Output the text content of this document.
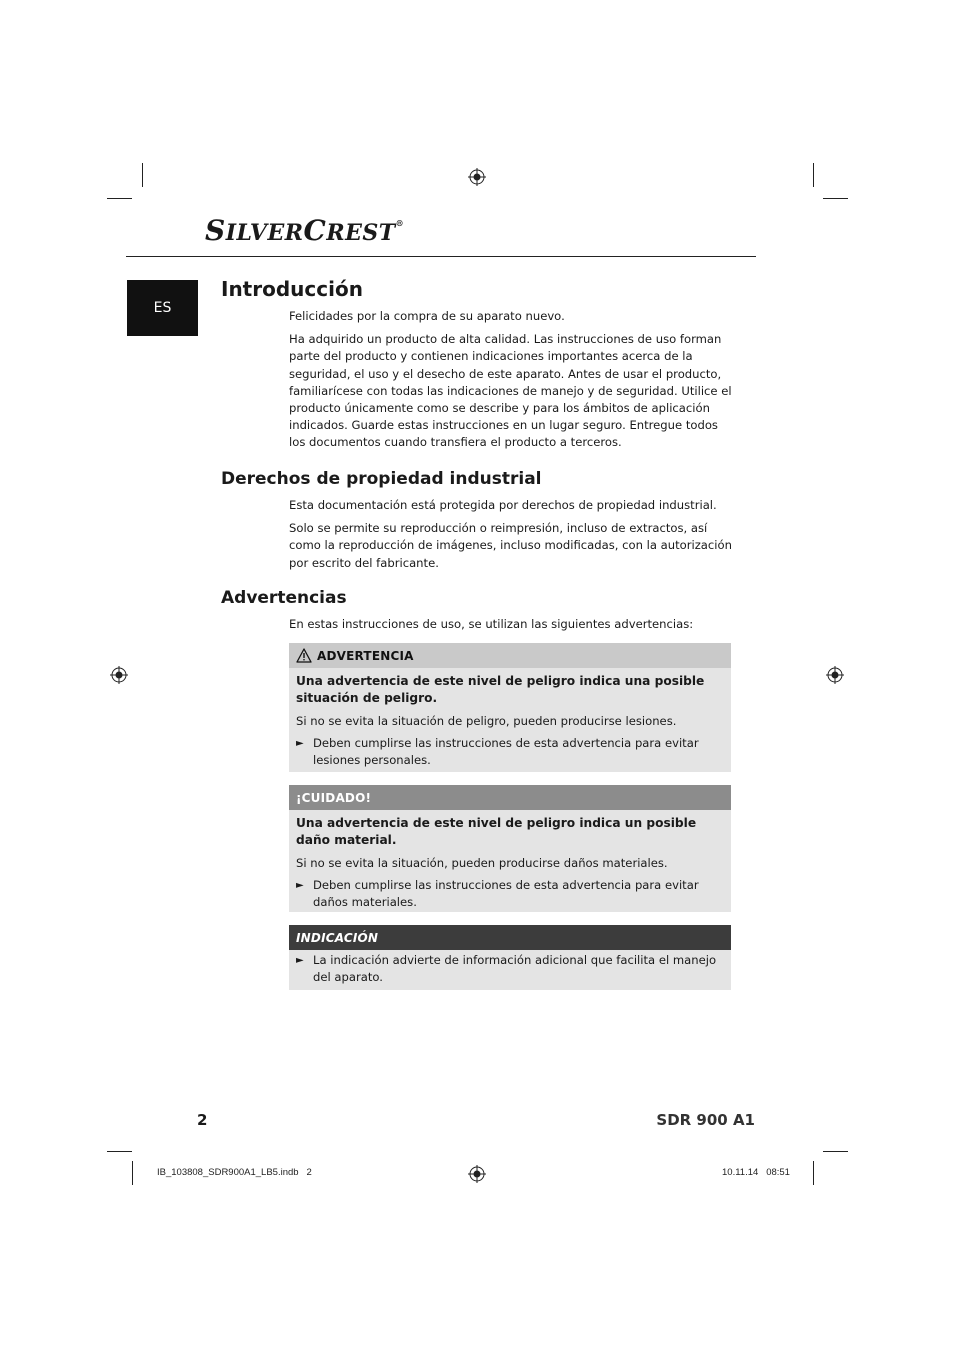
SILVERCREST®
ES
Introducción

Felicidades por la compra de su aparato nuevo.

Ha adquirido un producto de alta calidad. Las instrucciones de uso forman parte del producto y contienen indicaciones importantes acerca de la seguridad, el uso y el desecho de este aparato. Antes de usar el producto, familiarícese con todas las indicaciones de manejo y de seguridad. Utilice el producto únicamente como se describe y para los ámbitos de aplicación indicados. Guarde estas instrucciones en un lugar seguro. Entregue todos los documentos cuando transfiera el producto a terceros.

Derechos de propiedad industrial

Esta documentación está protegida por derechos de propiedad industrial.

Solo se permite su reproducción o reimpresión, incluso de extractos, así como la reproducción de imágenes, incluso modificadas, con la autorización por escrito del fabricante.

Advertencias
En estas instrucciones de uso, se utilizan las siguientes advertencias:
ADVERTENCIA

Una advertencia de este nivel de peligro indica una posible situación de peligro.

Si no se evita la situación de peligro, pueden producirse lesiones.

► Deben cumplirse las instrucciones de esta advertencia para evitar lesiones personales.
¡CUIDADO!

Una advertencia de este nivel de peligro indica un posible daño material.

Si no se evita la situación, pueden producirse daños materiales.

► Deben cumplirse las instrucciones de esta advertencia para evitar daños materiales.
INDICACIÓN
► La indicación advierte de información adicional que facilita el manejo del aparato.
2	SDR 900 A1
IB_103808_SDR900A1_LB5.indb   2	10.11.14   08:51
